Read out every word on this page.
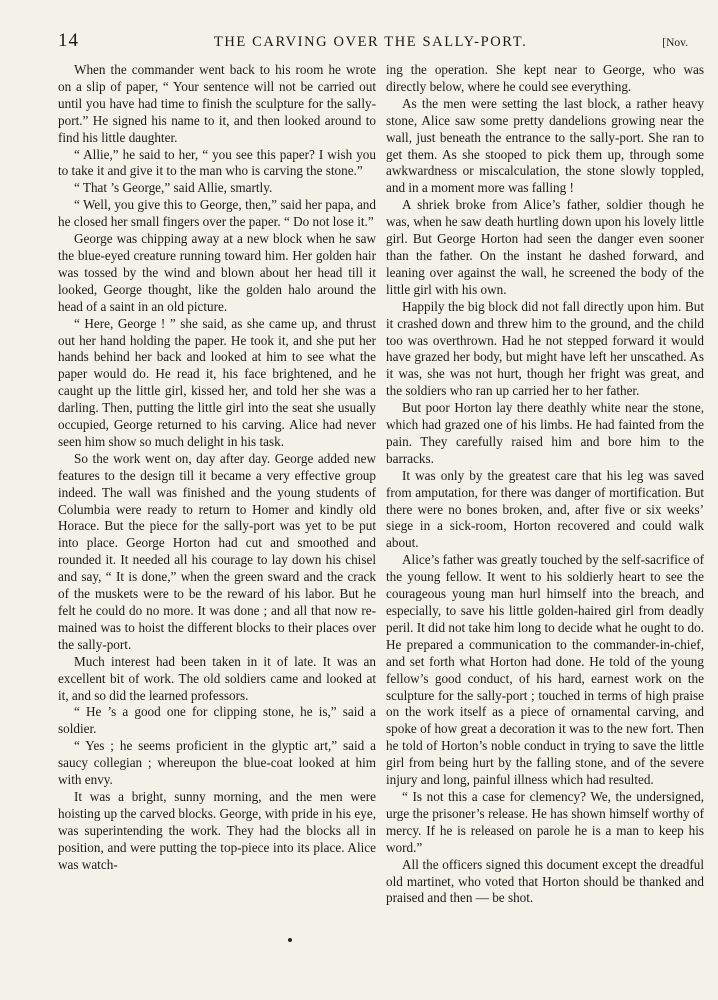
14	THE CARVING OVER THE SALLY-PORT.	[Nov.

When the commander went back to his room he wrote on a slip of paper, “ Your sentence will not be carried out until you have had time to finish the sculpture for the sally-port.” He signed his name to it, and then looked around to find his little daughter.

“ Allie,” he said to her, “ you see this paper? I wish you to take it and give it to the man who is carving the stone.”

“ That ’s George,” said Allie, smartly.

“ Well, you give this to George, then,” said her papa, and he closed her small fingers over the paper. “ Do not lose it.”

George was chipping away at a new block when he saw the blue-eyed creature running toward him. Her golden hair was tossed by the wind and blown about her head till it looked, George thought, like the golden halo around the head of a saint in an old picture.

“ Here, George ! ” she said, as she came up, and thrust out her hand holding the paper. He took it, and she put her hands behind her back and looked at him to see what the paper would do. He read it, his face brightened, and he caught up the little girl, kissed her, and told her she was a darling. Then, putting the little girl into the seat she usually occupied, George returned to his carving. Alice had never seen him show so much delight in his task.

So the work went on, day after day. George added new features to the design till it became a very effective group indeed. The wall was finished and the young students of Columbia were ready to return to Homer and kindly old Horace. But the piece for the sally-port was yet to be put into place. George Horton had cut and smoothed and rounded it. It needed all his courage to lay down his chisel and say, “ It is done,” when the green sward and the crack of the muskets were to be the reward of his labor. But he felt he could do no more. It was done ; and all that now remained was to hoist the different blocks to their places over the sally-port.

Much interest had been taken in it of late. It was an excellent bit of work. The old soldiers came and looked at it, and so did the learned professors.

“ He ’s a good one for clipping stone, he is,” said a soldier.

“ Yes ; he seems proficient in the glyptic art,” said a saucy collegian ; whereupon the blue-coat looked at him with envy.

It was a bright, sunny morning, and the men were hoisting up the carved blocks. George, with pride in his eye, was superintending the work. They had the blocks all in position, and were putting the top-piece into its place. Alice was watch-

ing the operation. She kept near to George, who was directly below, where he could see everything.

As the men were setting the last block, a rather heavy stone, Alice saw some pretty dandelions growing near the wall, just beneath the entrance to the sally-port. She ran to get them. As she stooped to pick them up, through some awkwardness or miscalculation, the stone slowly toppled, and in a moment more was falling !

A shriek broke from Alice’s father, soldier though he was, when he saw death hurtling down upon his lovely little girl. But George Horton had seen the danger even sooner than the father. On the instant he dashed forward, and leaning over against the wall, he screened the body of the little girl with his own.

Happily the big block did not fall directly upon him. But it crashed down and threw him to the ground, and the child too was overthrown. Had he not stepped forward it would have grazed her body, but might have left her unscathed. As it was, she was not hurt, though her fright was great, and the soldiers who ran up carried her to her father.

But poor Horton lay there deathly white near the stone, which had grazed one of his limbs. He had fainted from the pain. They carefully raised him and bore him to the barracks.

It was only by the greatest care that his leg was saved from amputation, for there was danger of mortification. But there were no bones broken, and, after five or six weeks’ siege in a sick-room, Horton recovered and could walk about.

Alice’s father was greatly touched by the self-sacrifice of the young fellow. It went to his soldierly heart to see the courageous young man hurl himself into the breach, and especially, to save his little golden-haired girl from deadly peril. It did not take him long to decide what he ought to do. He prepared a communication to the commander-in-chief, and set forth what Horton had done. He told of the young fellow’s good conduct, of his hard, earnest work on the sculpture for the sally-port ; touched in terms of high praise on the work itself as a piece of ornamental carving, and spoke of how great a decoration it was to the new fort. Then he told of Horton’s noble conduct in trying to save the little girl from being hurt by the falling stone, and of the severe injury and long, painful illness which had resulted.

“ Is not this a case for clemency? We, the undersigned, urge the prisoner’s release. He has shown himself worthy of mercy. If he is released on parole he is a man to keep his word.”

All the officers signed this document except the dreadful old martinet, who voted that Horton should be thanked and praised and then — be shot.
